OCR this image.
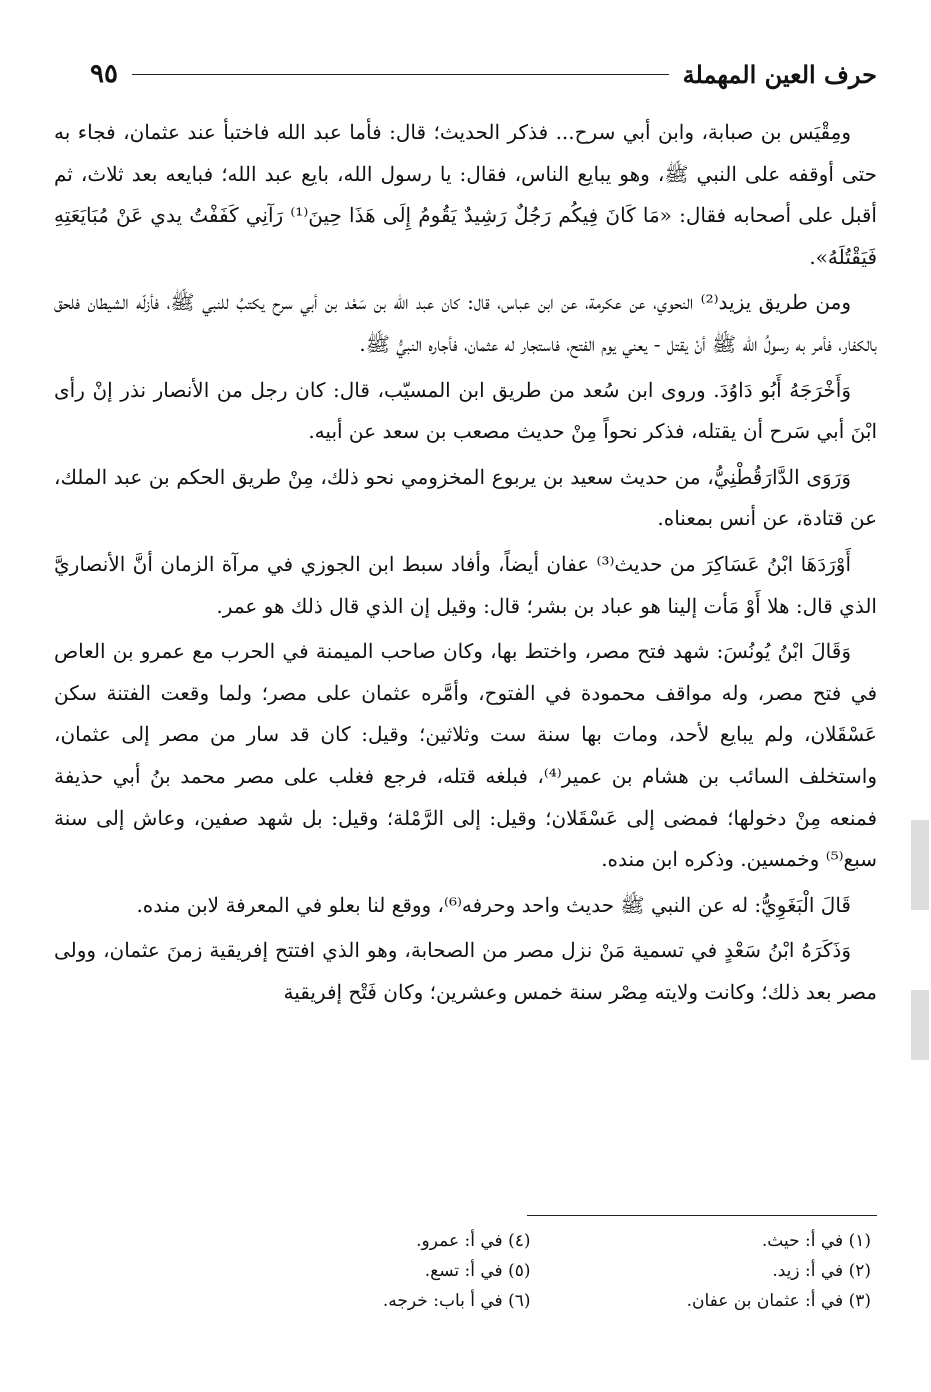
حرف العين المهملة
٩٥

ومِقْيَس بن صبابة، وابن أبي سرح... فذكر الحديث؛ قال: فأما عبد الله فاختبأ عند عثمان، فجاء به حتى أوقفه على النبي ﷺ، وهو يبايع الناس، فقال: يا رسول الله، بايع عبد الله؛ فبايعه بعد ثلاث، ثم أقبل على أصحابه فقال: «مَا كَانَ فِيكُم رَجُلٌ رَشِيدٌ يَقُومُ إِلَى هَذَا حِينَ⁽¹⁾ رَآنِي كَفَفْتُ يدي عَنْ مُبَايَعَتِهِ فَيَقْتُلَهُ».

ومن طريق يزيد⁽²⁾ النحوي، عن عكرمة، عن ابن عباس، قال: كان عبد الله بن سَعْد بن أبي سرح يكتبُ للنبي ﷺ، فأزلّه الشيطان فلحق بالكفار، فأمر به رسولُ الله ﷺ أنْ يقتل - يعني يوم الفتح، فاستجار له عثمان، فأجاره النبيُّ ﷺ.

وَأَخْرَجَهُ أَبُو دَاوُدَ. وروى ابن سُعد من طريق ابن المسيّب، قال: كان رجل من الأنصار نذر إنْ رأى ابْنَ أبي سَرح أن يقتله، فذكر نحواً مِنْ حديث مصعب بن سعد عن أبيه.

وَرَوَى الدَّارَقُطْنِيُّ، من حديث سعيد بن يربوع المخزومي نحو ذلك، مِنْ طريق الحكم بن عبد الملك، عن قتادة، عن أنس بمعناه.

أَوْرَدَهَا ابْنُ عَسَاكِرَ من حديث⁽³⁾ عفان أيضاً، وأفاد سبط ابن الجوزي في مرآة الزمان أنَّ الأنصاريَّ الذي قال: هلا أَوْ مَأت إلينا هو عباد بن بشر؛ قال: وقيل إن الذي قال ذلك هو عمر.

وَقَالَ ابْنُ يُونُسَ: شهد فتح مصر، واختط بها، وكان صاحب الميمنة في الحرب مع عمرو بن العاص في فتح مصر، وله مواقف محمودة في الفتوح، وأمَّره عثمان على مصر؛ ولما وقعت الفتنة سكن عَسْقَلان، ولم يبايع لأحد، ومات بها سنة ست وثلاثين؛ وقيل: كان قد سار من مصر إلى عثمان، واستخلف السائب بن هشام بن عمير⁽⁴⁾، فبلغه قتله، فرجع فغلب على مصر محمد بنُ أبي حذيفة فمنعه مِنْ دخولها؛ فمضى إلى عَسْقَلان؛ وقيل: إلى الرَّمْلة؛ وقيل: بل شهد صفين، وعاش إلى سنة سبع⁽⁵⁾ وخمسين. وذكره ابن منده.

قَالَ الْبَغَوِيُّ: له عن النبي ﷺ حديث واحد وحرفه⁽⁶⁾، ووقع لنا بعلو في المعرفة لابن منده.

وَذَكَرَهُ ابْنُ سَعْدٍ في تسمية مَنْ نزل مصر من الصحابة، وهو الذي افتتح إفريقية زمنَ عثمان، وولى مصر بعد ذلك؛ وكانت ولايته مِصْر سنة خمس وعشرين؛ وكان فَتْح إفريقية

(١) في أ: حيث.
(٤) في أ: عمرو.
(٢) في أ: زيد.
(٥) في أ: تسع.
(٣) في أ: عثمان بن عفان.
(٦) في أ باب: خرجه.
